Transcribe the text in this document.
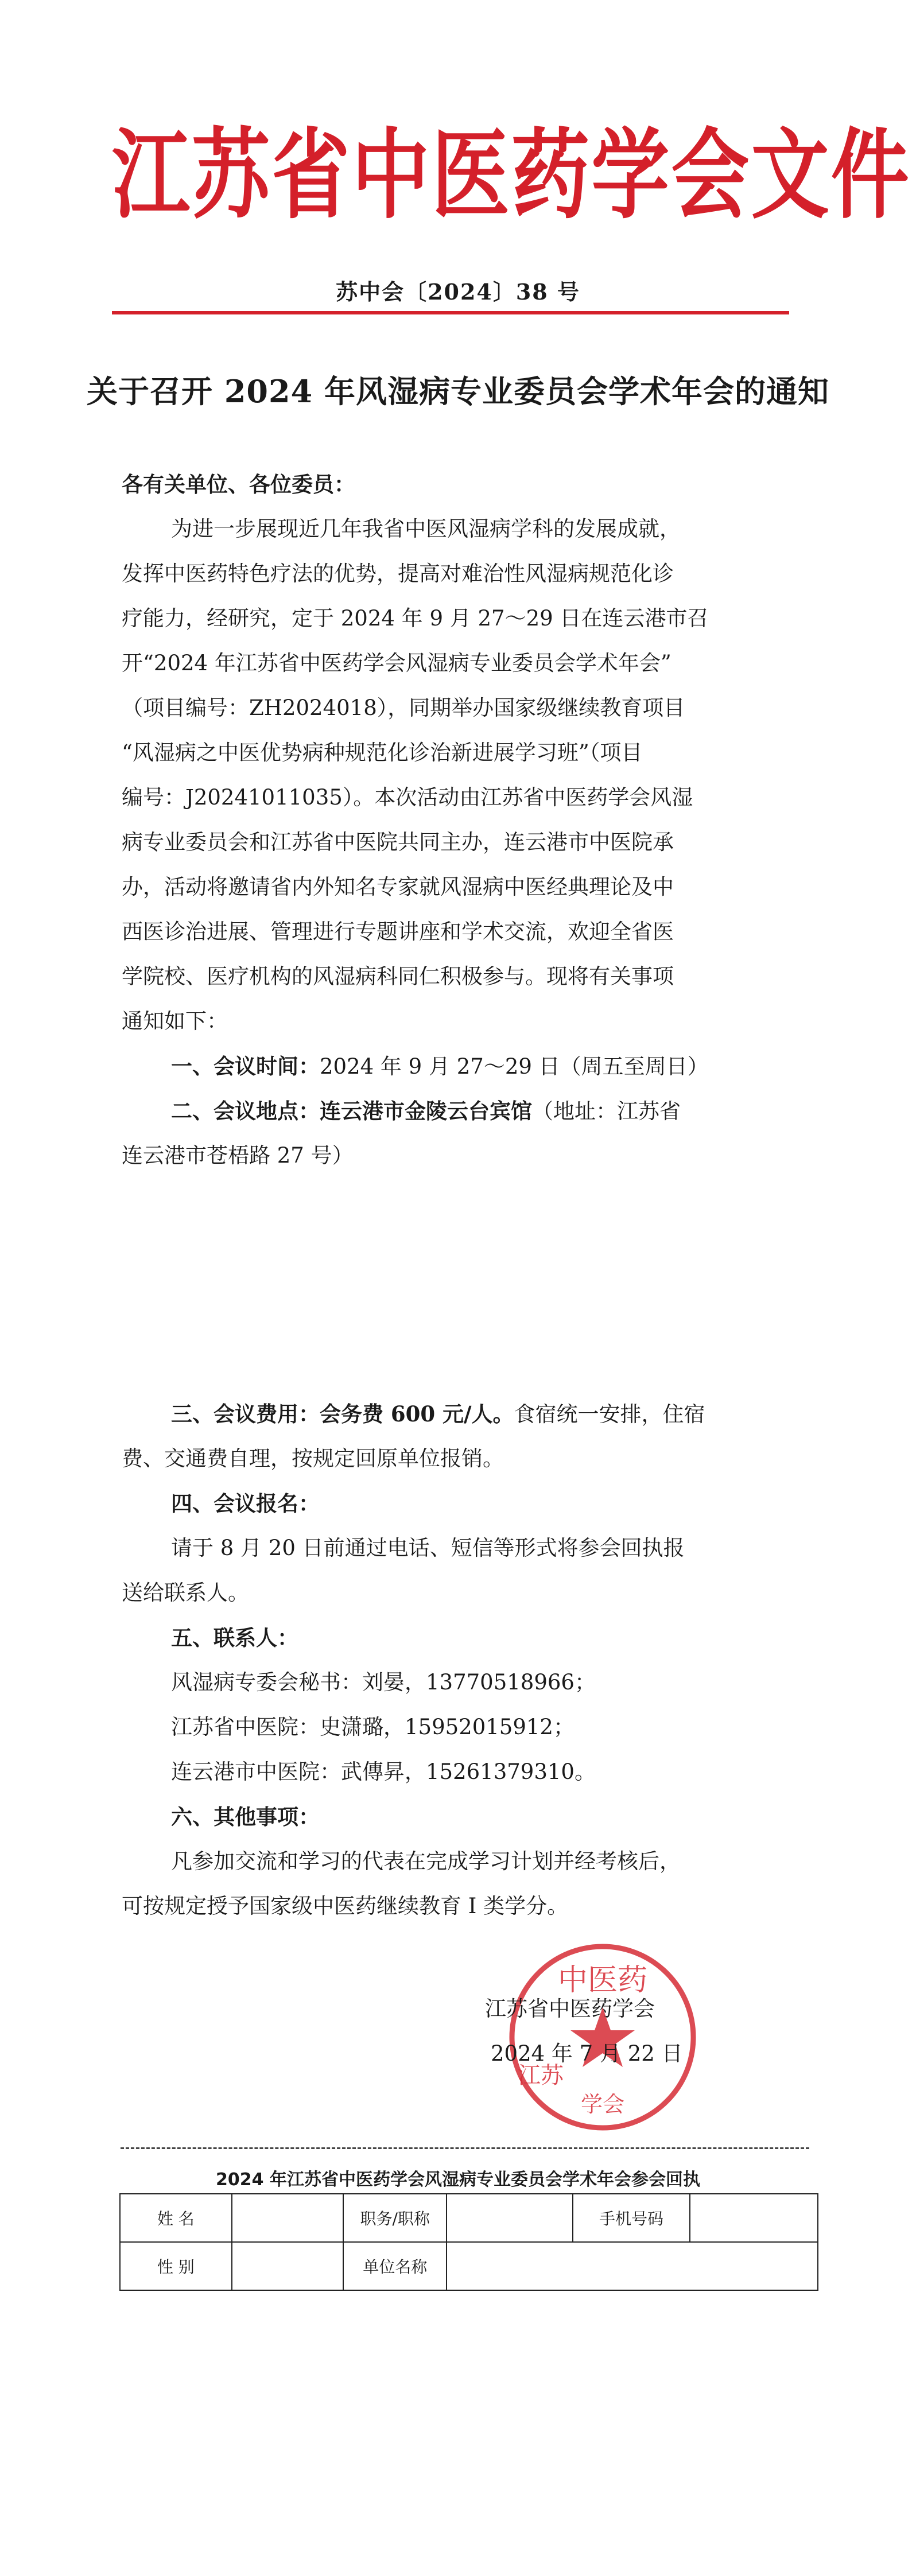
江苏省中医药学会文件
苏中会〔2024〕38 号
关于召开 2024 年风湿病专业委员会学术年会的通知
各有关单位、各位委员：
为进一步展现近几年我省中医风湿病学科的发展成就，
发挥中医药特色疗法的优势，提高对难治性风湿病规范化诊
疗能力，经研究，定于 2024 年 9 月 27～29 日在连云港市召
开“2024 年江苏省中医药学会风湿病专业委员会学术年会”
（项目编号：ZH2024018），同期举办国家级继续教育项目
“风湿病之中医优势病种规范化诊治新进展学习班”（项目
编号：J20241011035）。本次活动由江苏省中医药学会风湿
病专业委员会和江苏省中医院共同主办，连云港市中医院承
办，活动将邀请省内外知名专家就风湿病中医经典理论及中
西医诊治进展、管理进行专题讲座和学术交流，欢迎全省医
学院校、医疗机构的风湿病科同仁积极参与。现将有关事项
通知如下：
一、会议时间：2024 年 9 月 27～29 日（周五至周日）
二、会议地点：连云港市金陵云台宾馆（地址：江苏省
连云港市苍梧路 27 号）
三、会议费用：会务费 600 元/人。食宿统一安排，住宿
费、交通费自理，按规定回原单位报销。
四、会议报名：
请于 8 月 20 日前通过电话、短信等形式将参会回执报
送给联系人。
五、联系人：
风湿病专委会秘书：刘晏，13770518966；
江苏省中医院：史潇璐，15952015912；
连云港市中医院：武傳昇，15261379310。
六、其他事项：
凡参加交流和学习的代表在完成学习计划并经考核后，
可按规定授予国家级中医药继续教育 I 类学分。
中医药
江苏
学会
江苏省中医药学会
2024 年 7 月 22 日
2024 年江苏省中医药学会风湿病专业委员会学术年会参会回执
姓 名		职务/职称		手机号码	
性 别		单位名称			
